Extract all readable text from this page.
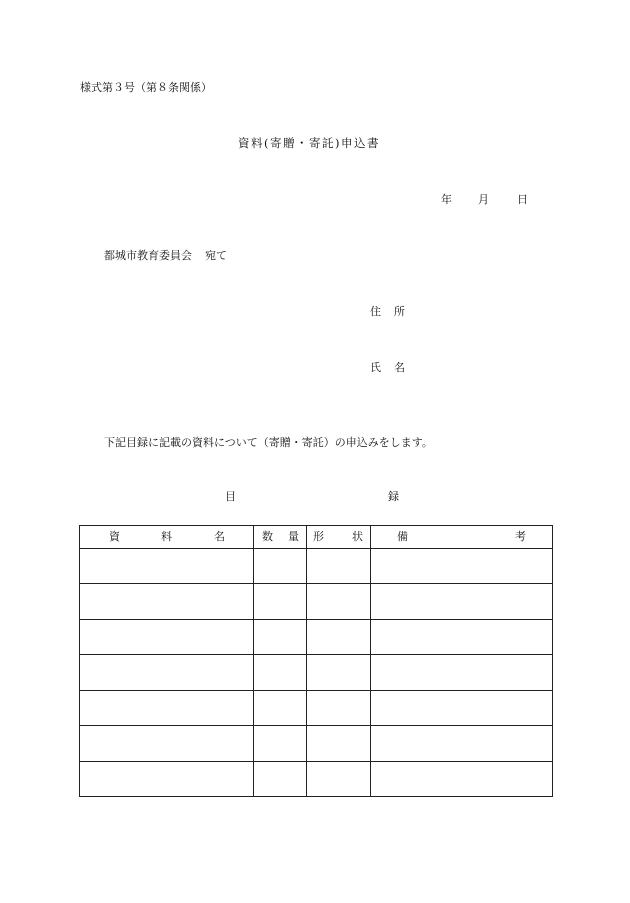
様式第３号（第８条関係）
資料(寄贈・寄託)申込書
年 月	日
都城市教育委員会 宛て
住 所
氏 名
下記目録に記載の資料について（寄贈・寄託）の申込みをします。
目	録
資 料 名	数 量	形 状	備 考
